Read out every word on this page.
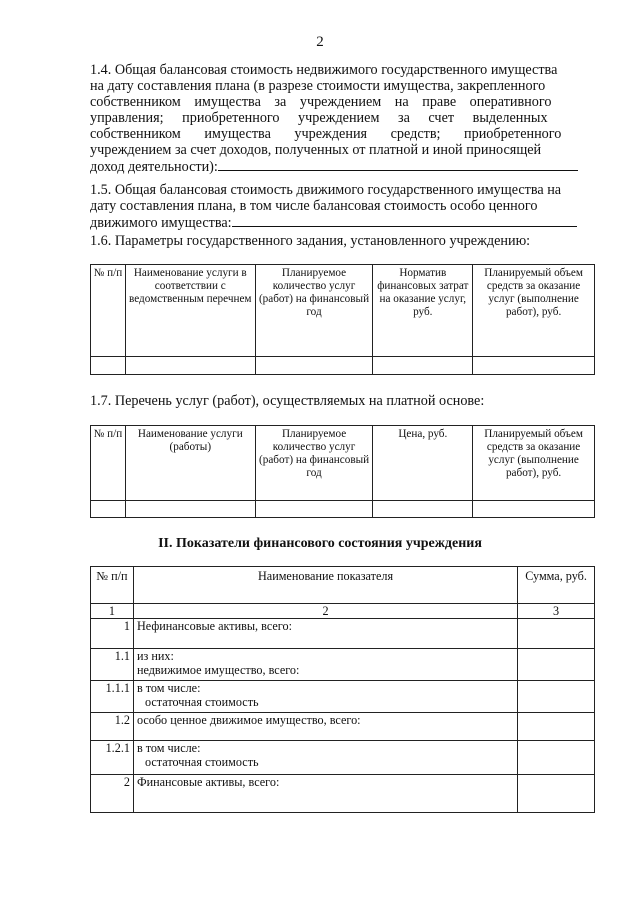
2
1.4. Общая балансовая стоимость недвижимого государственного имущества
на дату составления плана (в разрезе стоимости имущества, закрепленного
собственником имущества за учреждением на праве оперативного
управления; приобретенного учреждением за счет выделенных
собственником имущества учреждения средств; приобретенного
учреждением за счет доходов, полученных от платной и иной приносящей
доход деятельности):
1.5. Общая балансовая стоимость движимого государственного имущества на
дату составления плана, в том числе балансовая стоимость особо ценного
движимого имущества:
1.6. Параметры государственного задания, установленного учреждению:
№ п/п	Наименование услуги в соответствии с ведомственным перечнем	Планируемое количество услуг (работ) на финансовый год	Норматив финансовых затрат на оказание услуг, руб.	Планируемый объем средств за оказание услуг (выполнение работ), руб.

1.7. Перечень услуг (работ), осуществляемых на платной основе:
№ п/п	Наименование услуги (работы)	Планируемое количество услуг (работ) на финансовый год	Цена, руб.	Планируемый объем средств за оказание услуг (выполнение работ), руб.

II. Показатели финансового состояния учреждения
№ п/п	Наименование показателя	Сумма, руб.
1	2	3
1	Нефинансовые активы, всего:	

1.1	из них:
недвижимое имущество, всего:	

1.1.1	в том числе:
остаточная стоимость	

1.2	особо ценное движимое имущество, всего:	

1.2.1	в том числе:
остаточная стоимость	

2	Финансовые активы, всего:	
